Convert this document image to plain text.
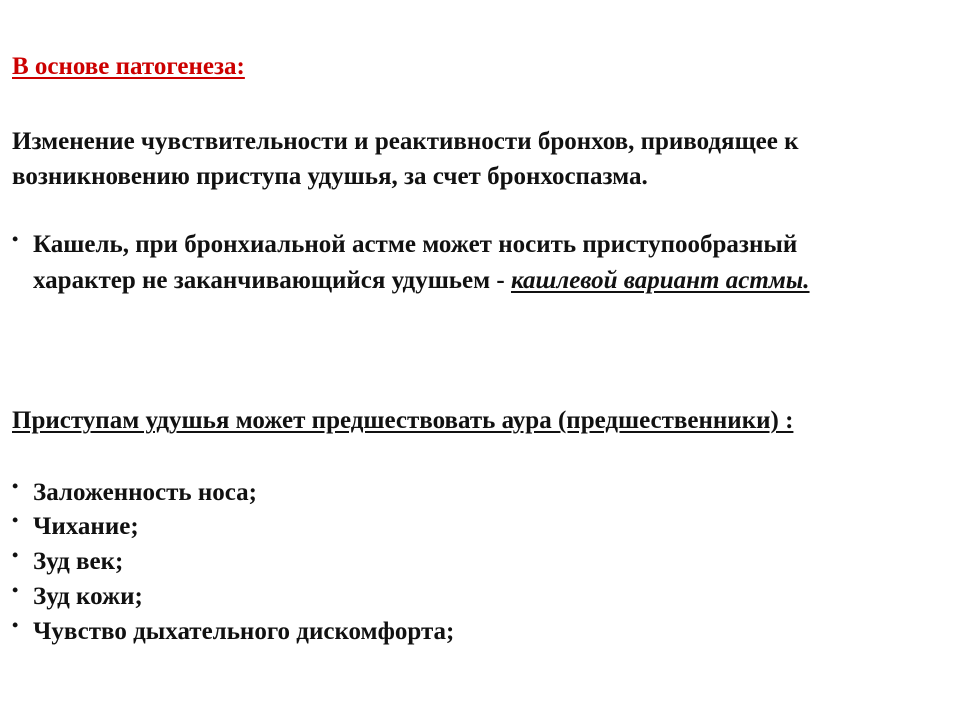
В основе патогенеза:
Изменение чувствительности и реактивности бронхов, приводящее к
возникновению приступа удушья, за счет бронхоспазма.
• Кашель, при бронхиальной астме может носить приступообразный
характер не заканчивающийся удушьем - кашлевой вариант астмы.
Приступам удушья может предшествовать аура (предшественники) :
• Заложенность носа;
• Чихание;
• Зуд век;
• Зуд кожи;
• Чувство дыхательного дискомфорта;
